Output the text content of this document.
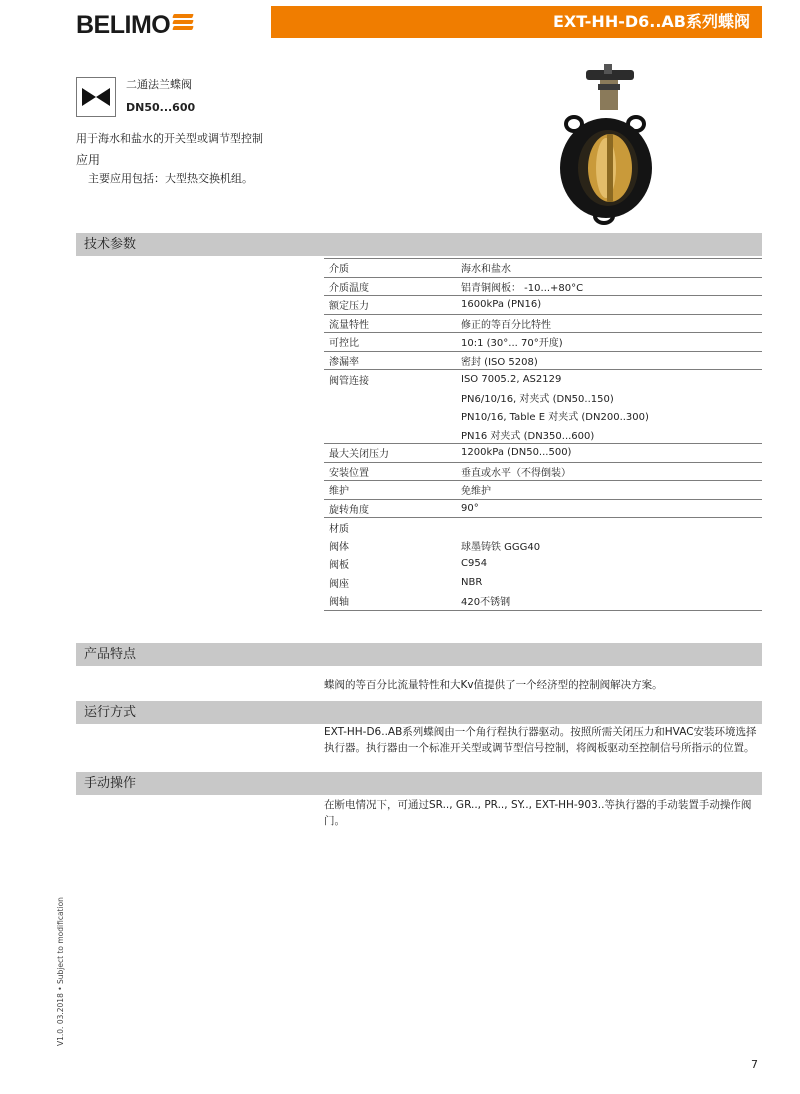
BELIMO	EXT-HH-D6..AB系列蝶阀
二通法兰蝶阀
DN50...600
用于海水和盐水的开关型或调节型控制
应用
主要应用包括：大型热交换机组。
技术参数
介质	海水和盐水
介质温度	铝青铜阀板： -10...+80°C
额定压力	1600kPa (PN16)
流量特性	修正的等百分比特性
可控比	10:1 (30°... 70°开度)
渗漏率	密封 (ISO 5208)
阀管连接	ISO 7005.2, AS2129
	PN6/10/16, 对夹式 (DN50..150)
	PN10/16, Table E 对夹式 (DN200..300)
	PN16 对夹式 (DN350...600)
最大关闭压力	1200kPa (DN50...500)
安装位置	垂直或水平（不得倒装）
维护	免维护
旋转角度	90°
材质	
阀体	球墨铸铁 GGG40
阀板	C954
阀座	NBR
阀轴	420不锈钢
产品特点
蝶阀的等百分比流量特性和大Kv值提供了一个经济型的控制阀解决方案。
运行方式
EXT-HH-D6..AB系列蝶阀由一个角行程执行器驱动。按照所需关闭压力和HVAC安装环境选择执行器。执行器由一个标准开关型或调节型信号控制，将阀板驱动至控制信号所指示的位置。
手动操作
在断电情况下，可通过SR.., GR.., PR.., SY.., EXT-HH-903..等执行器的手动装置手动操作阀门。
V1.0. 03.2018 • Subject to modification
7
